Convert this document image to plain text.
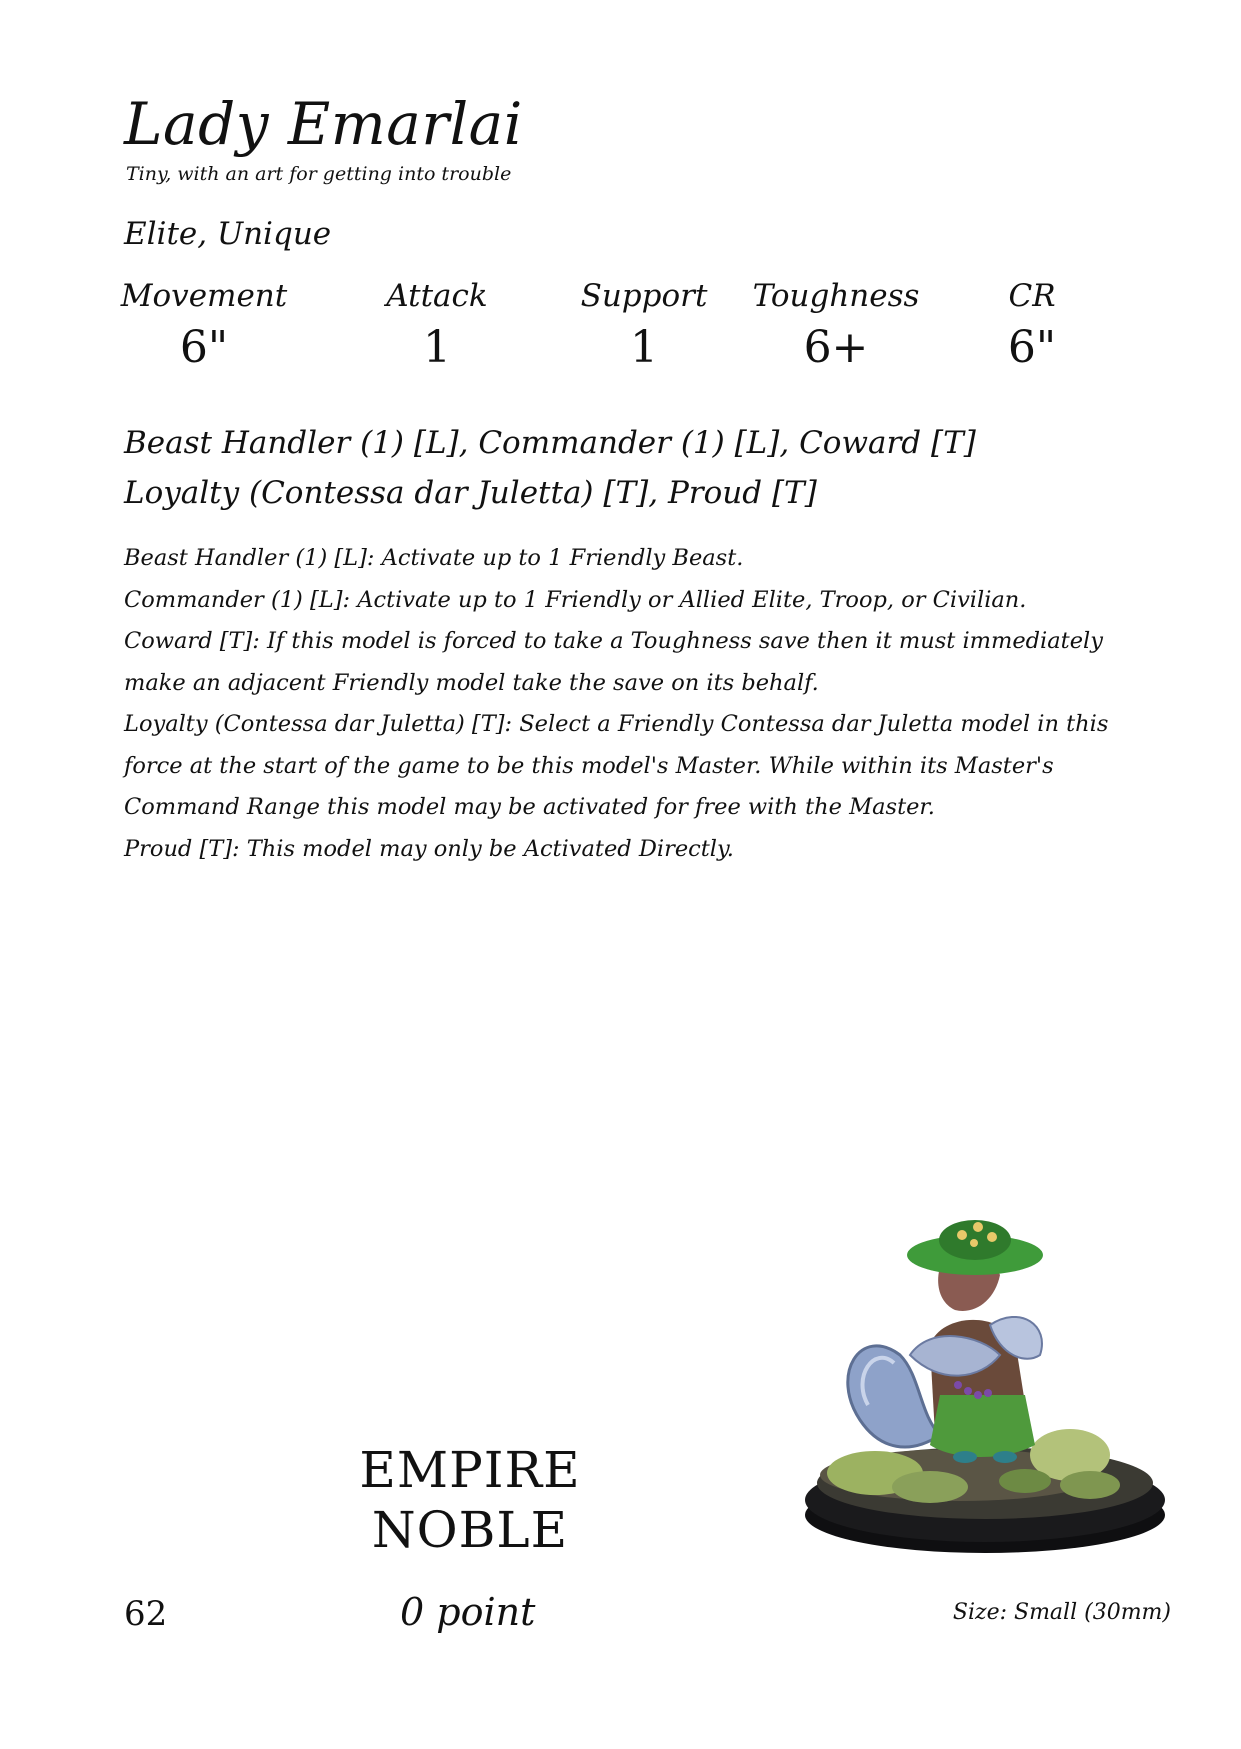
Lady Emarlai
Tiny, with an art for getting into trouble
Elite, Unique
Movement
6"
Attack
1
Support
1
Toughness
6+
CR
6"
Beast Handler (1) [L], Commander (1) [L], Coward [T]
Loyalty (Contessa dar Juletta) [T], Proud [T]

Beast Handler (1) [L]: Activate up to 1 Friendly Beast.

Commander (1) [L]: Activate up to 1 Friendly or Allied Elite, Troop, or Civilian.

Coward [T]: If this model is forced to take a Toughness save then it must immediately make an adjacent Friendly model take the save on its behalf.

Loyalty (Contessa dar Juletta) [T]: Select a Friendly Contessa dar Juletta model in this force at the start of the game to be this model's Master. While within its Master's Command Range this model may be activated for free with the Master.

Proud [T]: This model may only be Activated Directly.

EMPIRE
NOBLE
62	0 point	Size: Small (30mm)
